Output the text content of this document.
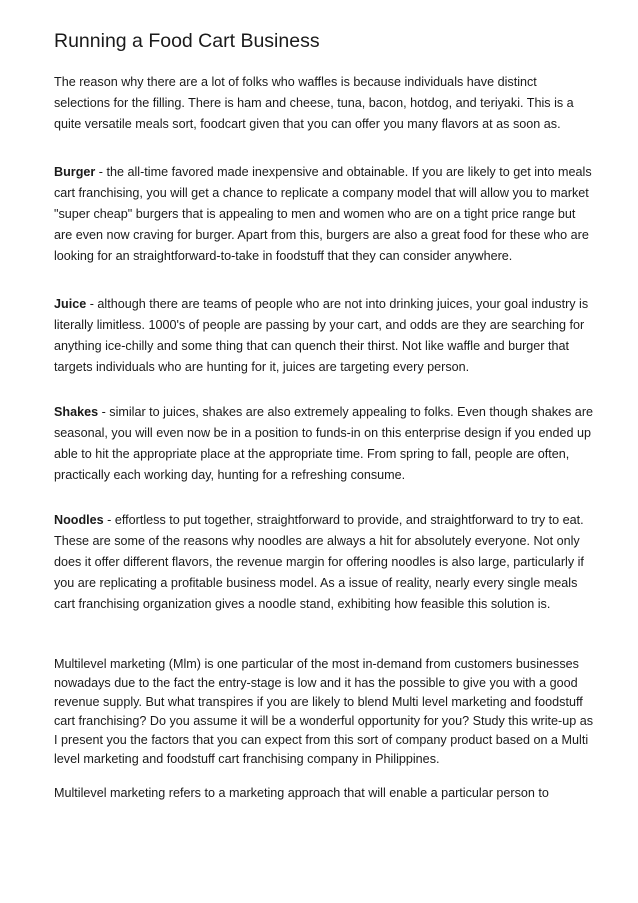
Running a Food Cart Business

The reason why there are a lot of folks who waffles is because individuals have distinct selections for the filling. There is ham and cheese, tuna, bacon, hotdog, and teriyaki. This is a quite versatile meals sort, foodcart given that you can offer you many flavors at as soon as.

Burger - the all-time favored made inexpensive and obtainable. If you are likely to get into meals cart franchising, you will get a chance to replicate a company model that will allow you to market "super cheap" burgers that is appealing to men and women who are on a tight price range but are even now craving for burger. Apart from this, burgers are also a great food for these who are looking for an straightforward-to-take in foodstuff that they can consider anywhere.

Juice - although there are teams of people who are not into drinking juices, your goal industry is literally limitless. 1000's of people are passing by your cart, and odds are they are searching for anything ice-chilly and some thing that can quench their thirst. Not like waffle and burger that targets individuals who are hunting for it, juices are targeting every person.

Shakes - similar to juices, shakes are also extremely appealing to folks. Even though shakes are seasonal, you will even now be in a position to funds-in on this enterprise design if you ended up able to hit the appropriate place at the appropriate time. From spring to fall, people are often, practically each working day, hunting for a refreshing consume.

Noodles - effortless to put together, straightforward to provide, and straightforward to try to eat. These are some of the reasons why noodles are always a hit for absolutely everyone. Not only does it offer different flavors, the revenue margin for offering noodles is also large, particularly if you are replicating a profitable business model. As a issue of reality, nearly every single meals cart franchising organization gives a noodle stand, exhibiting how feasible this solution is.

Multilevel marketing (Mlm) is one particular of the most in-demand from customers businesses nowadays due to the fact the entry-stage is low and it has the possible to give you with a good revenue supply. But what transpires if you are likely to blend Multi level marketing and foodstuff cart franchising? Do you assume it will be a wonderful opportunity for you? Study this write-up as I present you the factors that you can expect from this sort of company product based on a Multi level marketing and foodstuff cart franchising company in Philippines.

Multilevel marketing refers to a marketing approach that will enable a particular person to
